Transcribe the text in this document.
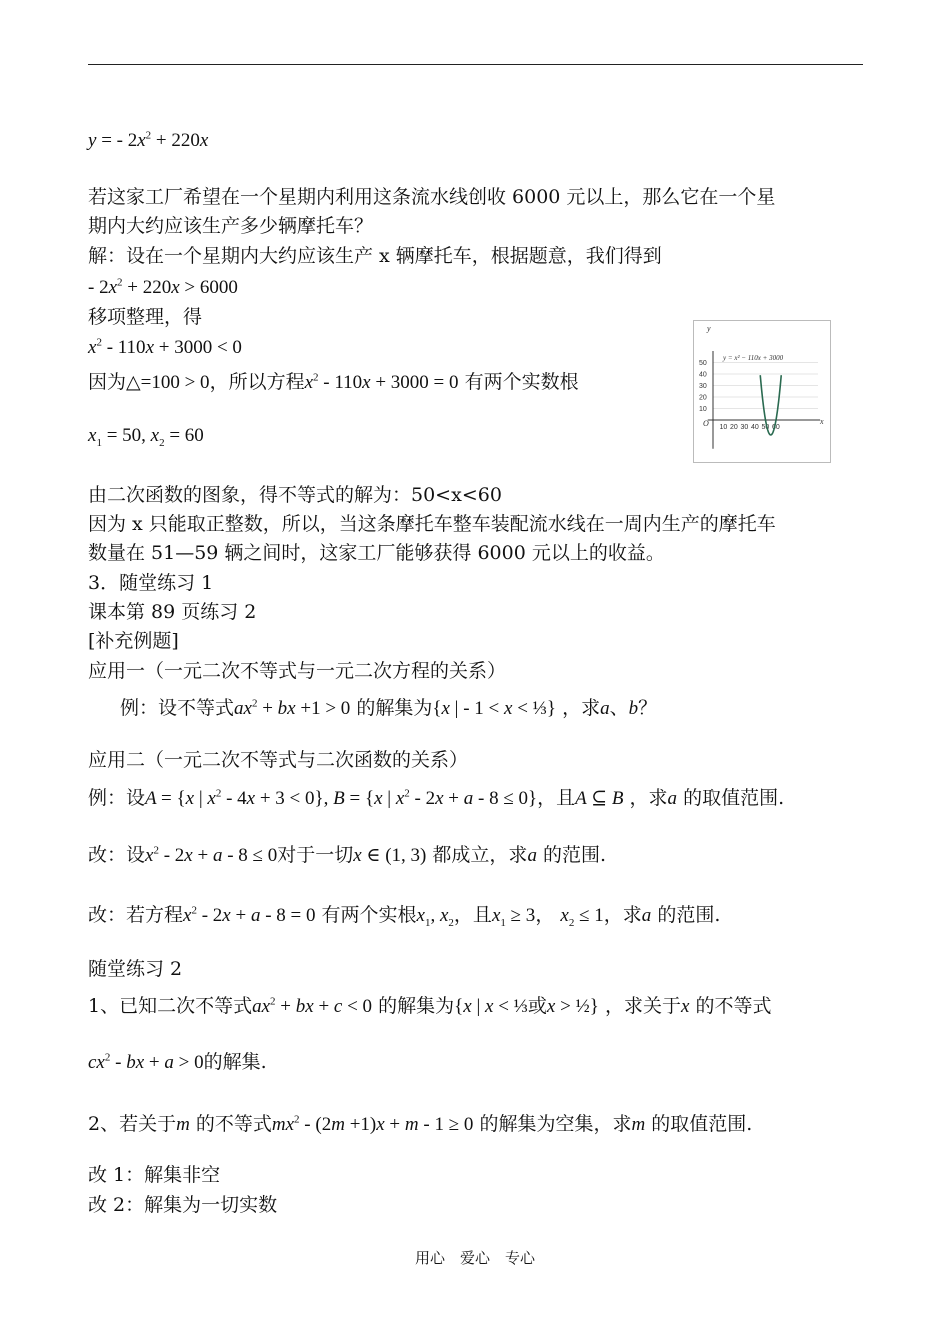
y = - $2x^2 + 220x$
若这家工厂希望在一个星期内利用这条流水线创收 6000 元以上，那么它在一个星
期内大约应该生产多少辆摩托车？
解：设在一个星期内大约应该生产 x 辆摩托车，根据题意，我们得到
- $2x^2 + 220x > 6000$
移项整理，得
$x^2 - 110x + 3000 < 0$
因为△=100 > 0，所以方程$x^2 - 110x + 3000 = 0$ 有两个实数根
$x_1 = 50$, $x_2 = 60$
50
40
30
20
10
10 20 30 40 50 60
y = x² − 110x + 3000
y
x
O
由二次函数的图象，得不等式的解为：50<x<60
因为 x 只能取正整数，所以，当这条摩托车整车装配流水线在一周内生产的摩托车
数量在 51—59 辆之间时，这家工厂能够获得 6000 元以上的收益。
3．随堂练习 1
课本第 89 页练习 2
[补充例题]
应用一（一元二次不等式与一元二次方程的关系）
例：设不等式$ax^2$ + bx +1 > 0 的解集为{x | - 1 < x < ⅓} ，求a、b？
应用二（一元二次不等式与二次函数的关系）
例：设A = {x | $x^2 - 4x + 3 < 0$}, B = {x | $x^2 - 2x + a - 8 \le 0$}，且A ⊆ B ，求a 的取值范围.
改：设$x^2 - 2x + a - 8 \le 0$对于一切x ∈ (1, 3) 都成立，求a 的范围.
改：若方程$x^2 - 2x + a - 8 = 0$ 有两个实根$x_1$, $x_2$，且$x_1 \ge 3$， $x_2 \le 1$，求a 的范围.
随堂练习 2
1、已知二次不等式$ax^2$ + bx + c < 0 的解集为{x | x < ⅓或x > ½} ，求关于x 的不等式
$cx^2$ - bx + a > 0的解集.
2、若关于m 的不等式$mx^2 - (2m +1)x + m - 1 \ge 0$ 的解集为空集，求m 的取值范围.
改 1：解集非空
改 2：解集为一切实数
用心　爱心　专心
